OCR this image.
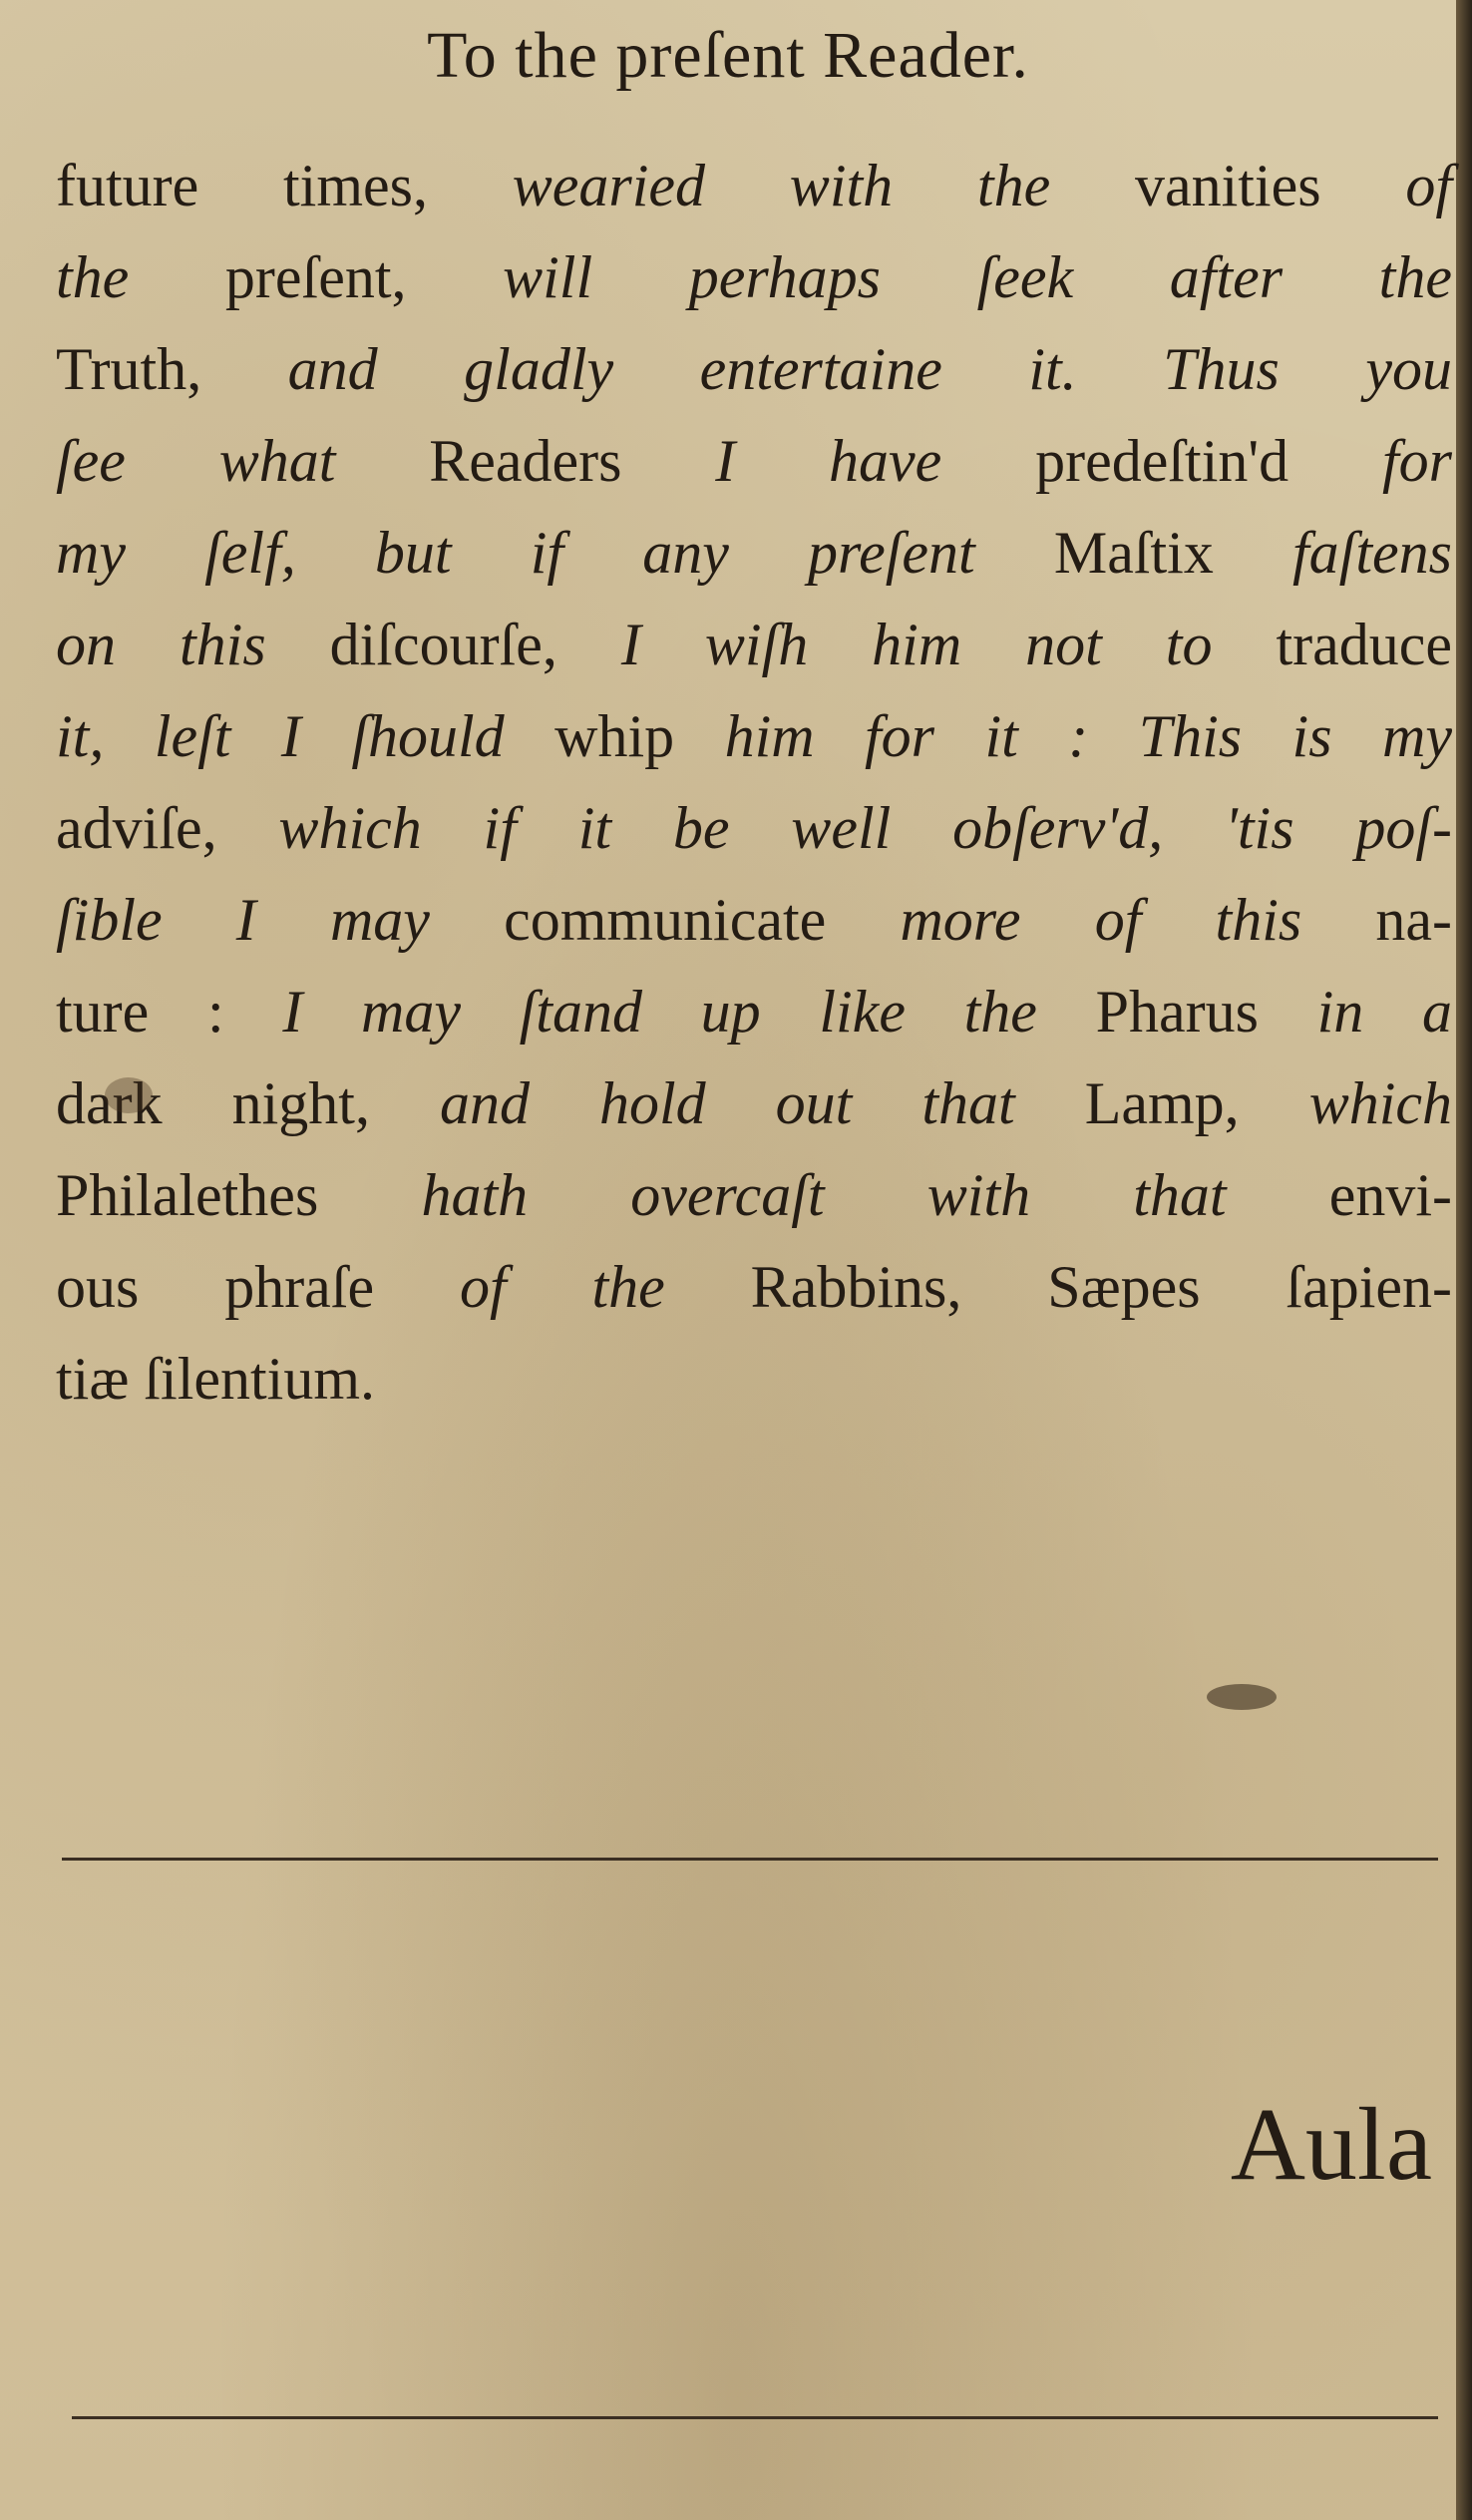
To the preſent Reader.
future times, wearied with the vanities of
the preſent, will perhaps ſeek after the
Truth, and gladly entertaine it. Thus you
ſee what Readers I have predeſtin'd for
my ſelf, but if any preſent Maſtix faſtens
on this diſcourſe, I wiſh him not to traduce
it, leſt I ſhould whip him for it : This is my
adviſe, which if it be well obſerv'd, 'tis poſ-
ſible I may communicate more of this na-
ture : I may ſtand up like the Pharus in a
dark night, and hold out that Lamp, which
Philalethes hath overcaſt with that envi-
ous phraſe of the Rabbins, Sæpes ſapien-
tiæ ſilentium.
Aula
